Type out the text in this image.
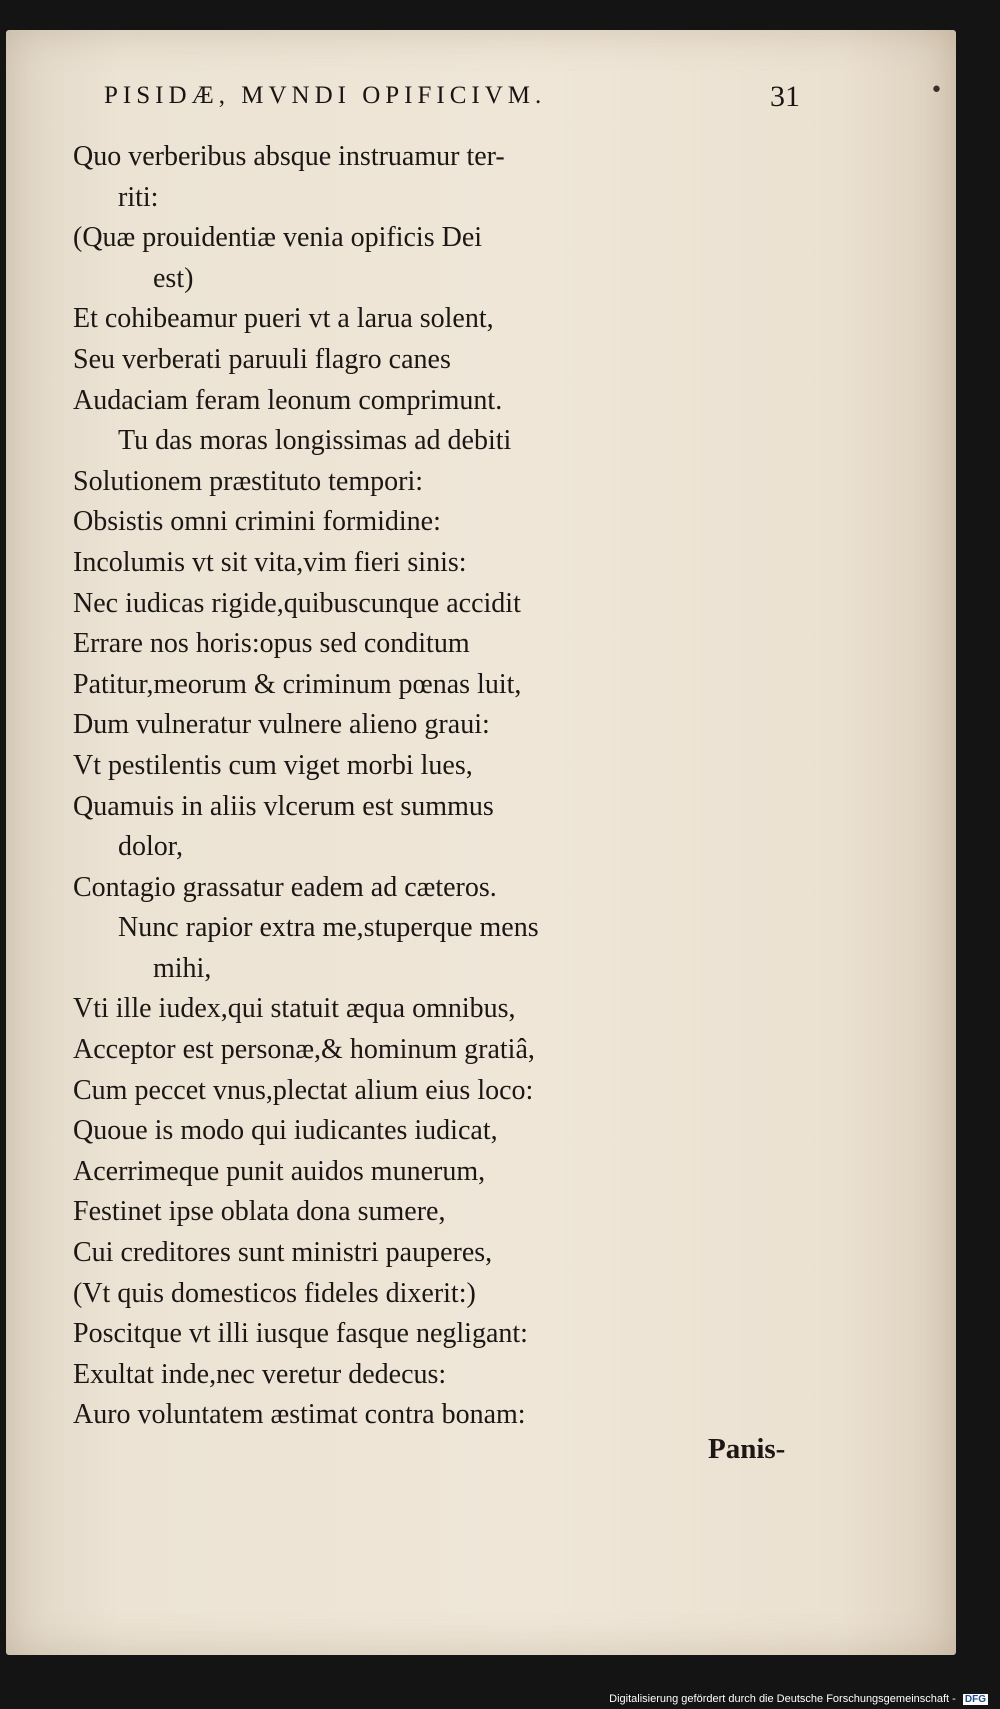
•
PISIDÆ, MVNDI OPIFICIVM.	31
Quo verberibus absque instruamur ter-
riti:
(Quæ prouidentiæ venia opificis Dei
est)
Et cohibeamur pueri vt a larua solent,
Seu verberati paruuli flagro canes
Audaciam feram leonum comprimunt.
Tu das moras longissimas ad debiti
Solutionem præstituto tempori:
Obsistis omni crimini formidine:
Incolumis vt sit vita,vim fieri sinis:
Nec iudicas rigide,quibuscunque accidit
Errare nos horis:opus sed conditum
Patitur,meorum & criminum pœnas luit,
Dum vulneratur vulnere alieno graui:
Vt pestilentis cum viget morbi lues,
Quamuis in aliis vlcerum est summus
dolor,
Contagio grassatur eadem ad cæteros.
Nunc rapior extra me,stuperque mens
mihi,
Vti ille iudex,qui statuit æqua omnibus,
Acceptor est personæ,& hominum gratiâ,
Cum peccet vnus,plectat alium eius loco:
Quoue is modo qui iudicantes iudicat,
Acerrimeque punit auidos munerum,
Festinet ipse oblata dona sumere,
Cui creditores sunt ministri pauperes,
(Vt quis domesticos fideles dixerit:)
Poscitque vt illi iusque fasque negligant:
Exultat inde,nec veretur dedecus:
Auro voluntatem æstimat contra bonam:
Panis-
Digitalisierung gefördert durch die Deutsche Forschungsgemeinschaft - DFG
